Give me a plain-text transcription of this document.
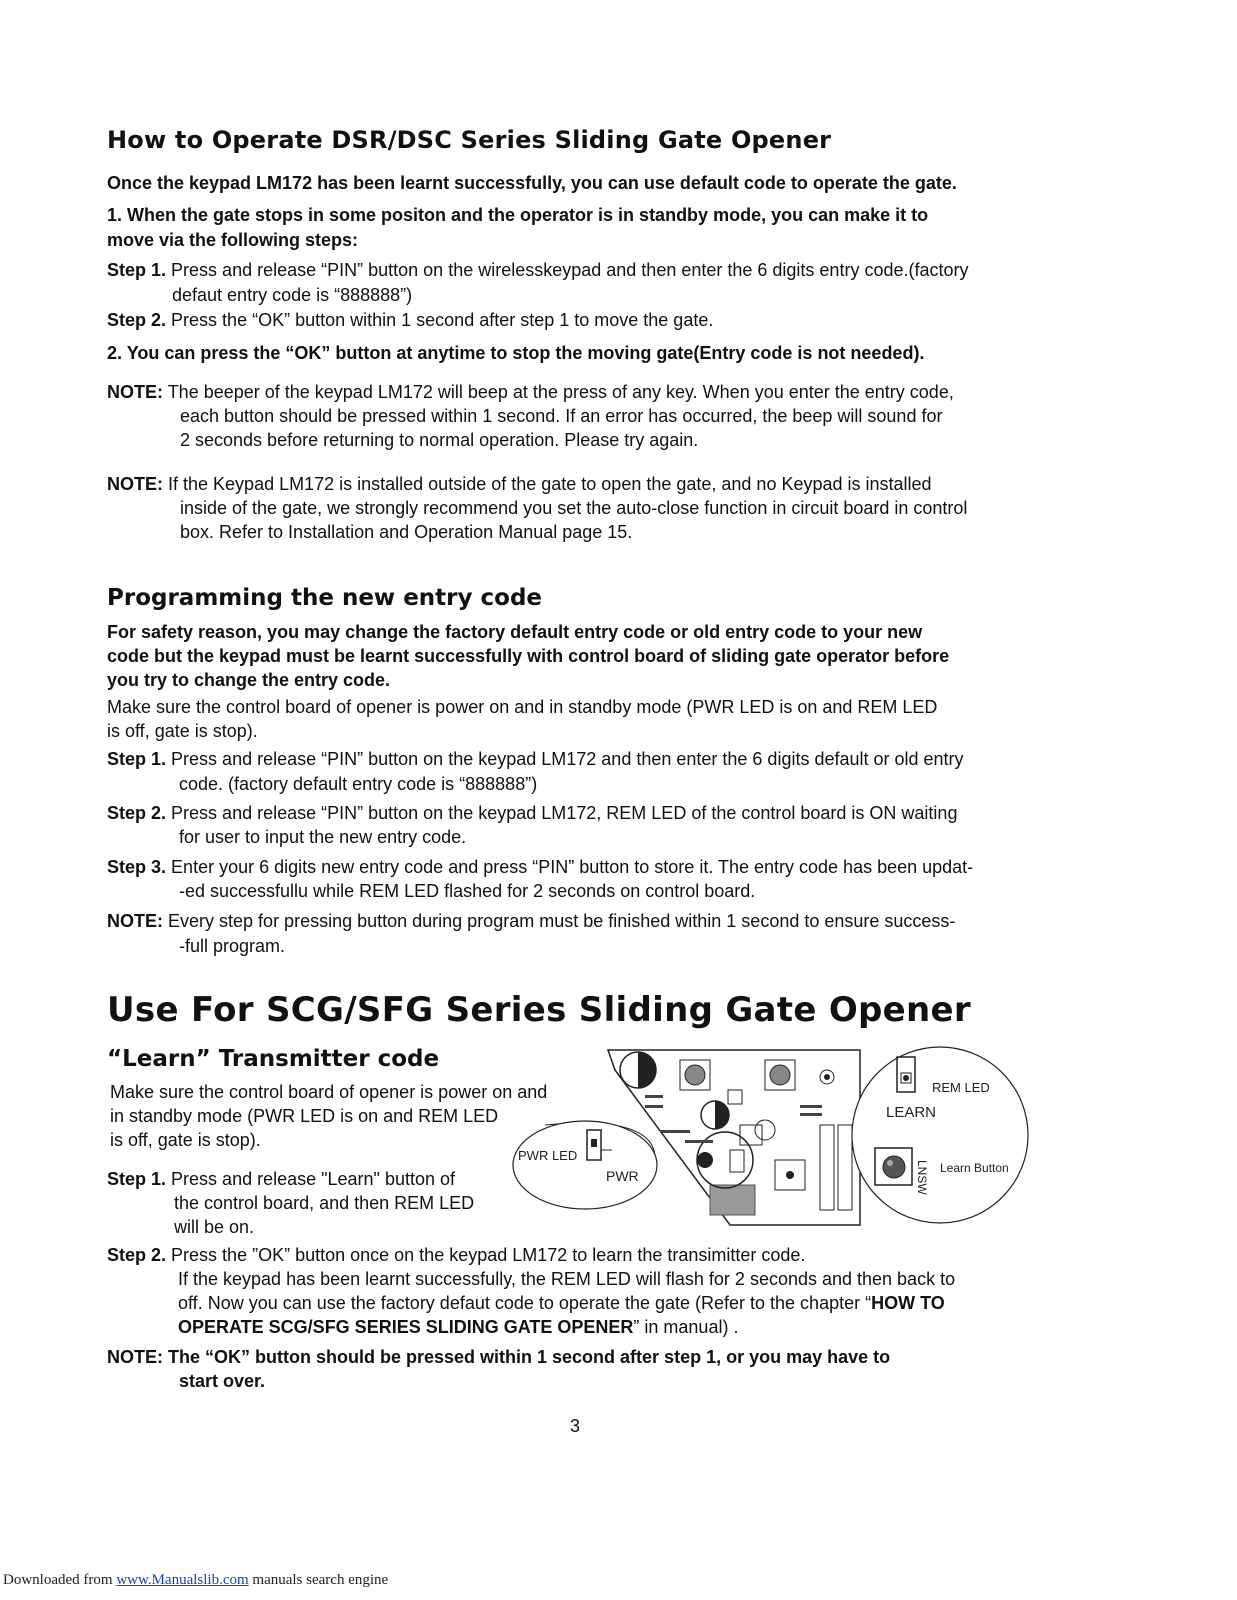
How to Operate DSR/DSC Series Sliding Gate Opener
Once the keypad LM172 has been learnt successfully, you can use default code to operate the gate.
1. When the gate stops in some positon and the operator is in standby mode, you can make it to
move via the following steps:
Step 1. Press and release “PIN” button on the wirelesskeypad and then enter the 6 digits entry code.(factory
defaut entry code is “888888”)
Step 2. Press the “OK” button within 1 second after step 1 to move the gate.
2. You can press the “OK” button at anytime to stop the moving gate(Entry code is not needed).
NOTE: The beeper of the keypad LM172 will beep at the press of any key. When you enter the entry code,
each button should be pressed within 1 second. If an error has occurred, the beep will sound for
2 seconds before returning to normal operation. Please try again.
NOTE: If the Keypad LM172 is installed outside of the gate to open the gate, and no Keypad is installed
inside of the gate, we strongly recommend you set the auto-close function in circuit board in control
box. Refer to Installation and Operation Manual page 15.
Programming the new entry code
For safety reason, you may change the factory default entry code or old entry code to your new
code but the keypad must be learnt successfully with control board of sliding gate operator before
you try to change the entry code.
Make sure the control board of opener is power on and in standby mode (PWR LED is on and REM LED
is off, gate is stop).
Step 1. Press and release “PIN” button on the keypad LM172 and then enter the 6 digits default or old entry
code. (factory default entry code is “888888”)
Step 2. Press and release “PIN” button on the keypad LM172, REM LED of the control board is ON waiting
for user to input the new entry code.
Step 3. Enter your 6 digits new entry code and press “PIN” button to store it. The entry code has been updat-
-ed successfullu while REM LED flashed for 2 seconds on control board.
NOTE: Every step for pressing button during program must be finished within 1 second to ensure success-
-full program.
Use For SCG/SFG Series Sliding Gate Opener
“Learn” Transmitter code
Make sure the control board of opener is power on and
in standby mode (PWR LED is on and REM LED
is off, gate is stop).
Step 1. Press and release "Learn" button of
the control board, and then REM LED
will be on.
Step 2. Press the ”OK” button once on the keypad LM172 to learn the transimitter code.
If the keypad has been learnt successfully, the REM LED will flash for 2 seconds and then back to
off. Now you can use the factory defaut code to operate the gate (Refer to the chapter “HOW TO
OPERATE SCG/SFG SERIES SLIDING GATE OPENER” in manual) .
NOTE: The “OK” button should be pressed within 1 second after step 1, or you may have to
start over.
PWR LED
PWR
REM LED
LEARN
LNSW Learn Button
3
Downloaded from www.Manualslib.com manuals search engine
